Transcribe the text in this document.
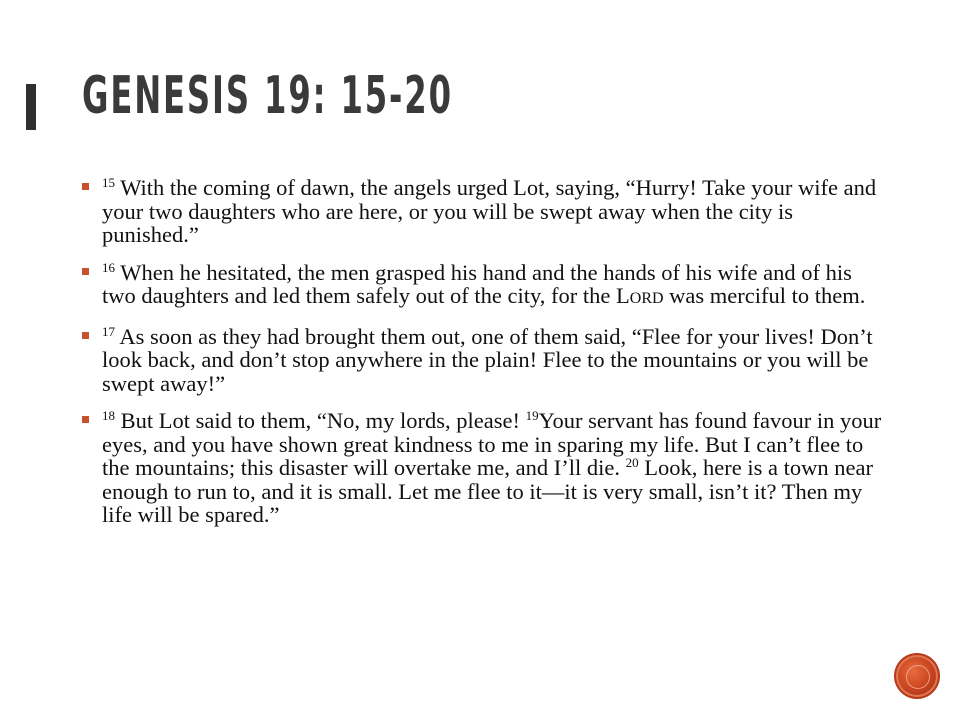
GENESIS 19: 15-20
$^{15}$ With the coming of dawn, the angels urged Lot, saying, “Hurry! Take your wife and your two daughters who are here, or you will be swept away when the city is punished.”
$^{16}$ When he hesitated, the men grasped his hand and the hands of his wife and of his two daughters and led them safely out of the city, for the LORD was merciful to them.
$^{17}$ As soon as they had brought them out, one of them said, “Flee for your lives! Don’t look back, and don’t stop anywhere in the plain! Flee to the mountains or you will be swept away!”
$^{18}$ But Lot said to them, “No, my lords, please! $^{19}$Your servant has found favour in your eyes, and you have shown great kindness to me in sparing my life. But I can’t flee to the mountains; this disaster will overtake me, and I’ll die. $^{20}$ Look, here is a town near enough to run to, and it is small. Let me flee to it—it is very small, isn’t it? Then my life will be spared.”
